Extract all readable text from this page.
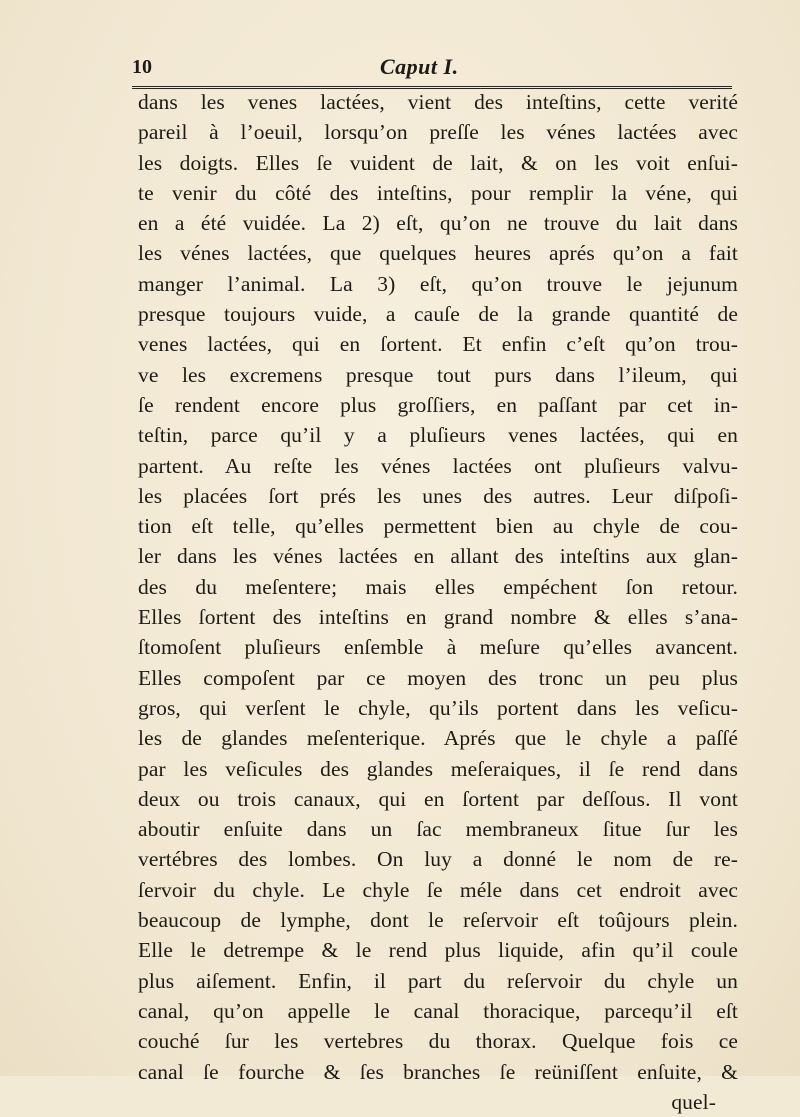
10	Caput I.
dans les venes lactées, vient des inteſtins, cette verité
pareil à l’oeuil, lorsqu’on preſſe les vénes lactées avec
les doigts. Elles ſe vuident de lait, & on les voit enſui-
te venir du côté des inteſtins, pour remplir la véne, qui
en a été vuidée. La 2) eſt, qu’on ne trouve du lait dans
les vénes lactées, que quelques heures aprés qu’on a fait
manger l’animal. La 3) eſt, qu’on trouve le jejunum
presque toujours vuide, a cauſe de la grande quantité de
venes lactées, qui en ſortent. Et enfin c’eſt qu’on trou-
ve les excremens presque tout purs dans l’ileum, qui
ſe rendent encore plus groſſiers, en paſſant par cet in-
teſtin, parce qu’il y a pluſieurs venes lactées, qui en
partent. Au reſte les vénes lactées ont pluſieurs valvu-
les placées ſort prés les unes des autres. Leur diſpoſi-
tion eſt telle, qu’elles permettent bien au chyle de cou-
ler dans les vénes lactées en allant des inteſtins aux glan-
des du meſentere; mais elles empéchent ſon retour.
Elles ſortent des inteſtins en grand nombre & elles s’ana-
ſtomoſent pluſieurs enſemble à meſure qu’elles avancent.
Elles compoſent par ce moyen des tronc un peu plus
gros, qui verſent le chyle, qu’ils portent dans les veſicu-
les de glandes meſenterique. Aprés que le chyle a paſſé
par les veſicules des glandes meſeraiques, il ſe rend dans
deux ou trois canaux, qui en ſortent par deſſous. Il vont
aboutir enſuite dans un ſac membraneux ſitue ſur les
vertébres des lombes. On luy a donné le nom de re-
ſervoir du chyle. Le chyle ſe méle dans cet endroit avec
beaucoup de lymphe, dont le reſervoir eſt toûjours plein.
Elle le detrempe & le rend plus liquide, afin qu’il coule
plus aiſement. Enfin, il part du reſervoir du chyle un
canal, qu’on appelle le canal thoracique, parcequ’il eſt
couché ſur les vertebres du thorax. Quelque fois ce
canal ſe fourche & ſes branches ſe reüniſſent enſuite, &
quel-
